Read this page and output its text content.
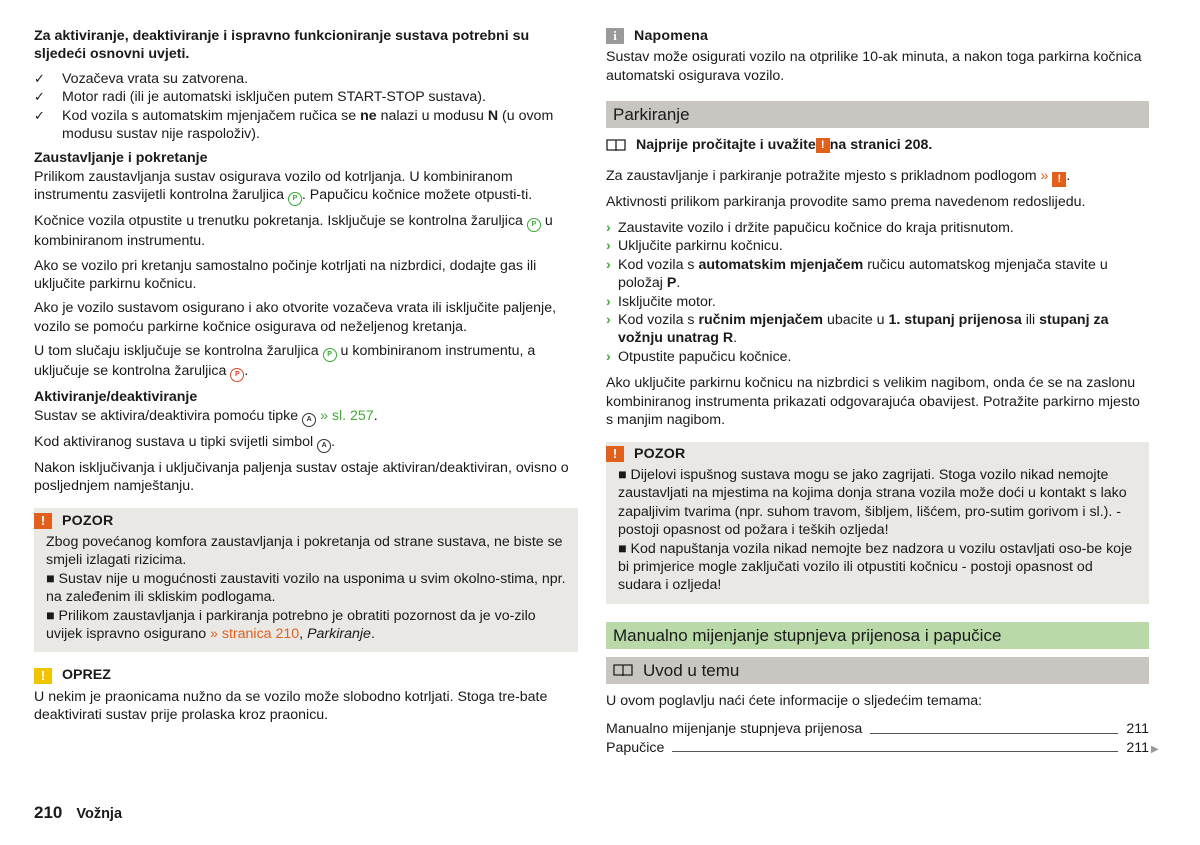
Za aktiviranje, deaktiviranje i ispravno funkcioniranje sustava potrebni su sljedeći osnovni uvjeti.

✓ Vozačeva vrata su zatvorena.
✓ Motor radi (ili je automatski isključen putem START-STOP sustava).
✓ Kod vozila s automatskim mjenjačem ručica se ne nalazi u modusu N (u ovom modusu sustav nije raspoloživ).
Zaustavljanje i pokretanje

Prilikom zaustavljanja sustav osigurava vozilo od kotrljanja. U kombiniranom instrumentu zasvijetli kontrolna žaruljica P . Papučicu kočnice možete otpusti-ti.

Kočnice vozila otpustite u trenutku pokretanja. Isključuje se kontrolna žaruljica P u kombiniranom instrumentu.

Ako se vozilo pri kretanju samostalno počinje kotrljati na nizbrdici, dodajte gas ili uključite parkirnu kočnicu.

Ako je vozilo sustavom osigurano i ako otvorite vozačeva vrata ili isključite paljenje, vozilo se pomoću parkirne kočnice osigurava od neželjenog kretanja.

U tom slučaju isključuje se kontrolna žaruljica P u kombiniranom instrumentu, a uključuje se kontrolna žaruljica P .

Aktiviranje/deaktiviranje

Sustav se aktivira/deaktivira pomoću tipke A » sl. 257.

Kod aktiviranog sustava u tipki svijetli simbol A .

Nakon isključivanja i uključivanja paljenja sustav ostaje aktiviran/deaktiviran, ovisno o posljednjem namještanju.

!	POZOR
Zbog povećanog komfora zaustavljanja i pokretanja od strane sustava, ne biste se smjeli izlagati rizicima.
■ Sustav nije u mogućnosti zaustaviti vozilo na usponima u svim okolno-stima, npr. na zaleđenim ili skliskim podlogama.
■ Prilikom zaustavljanja i parkiranja potrebno je obratiti pozornost da je vo-zilo uvijek ispravno osigurano » stranica 210, Parkiranje.
!	OPREZ
U nekim je praonicama nužno da se vozilo može slobodno kotrljati. Stoga tre-bate deaktivirati sustav prije prolaska kroz praonicu.
i	Napomena
Sustav može osigurati vozilo na otprilike 10-ak minuta, a nakon toga parkirna kočnica automatski osigurava vozilo.
Parkiranje
Najprije pročitajte i uvažite ! na stranici 208.

Za zaustavljanje i parkiranje potražite mjesto s prikladnom podlogom » ! .

Aktivnosti prilikom parkiranja provodite samo prema navedenom redoslijedu.

› Zaustavite vozilo i držite papučicu kočnice do kraja pritisnutom.
› Uključite parkirnu kočnicu.
› Kod vozila s automatskim mjenjačem ručicu automatskog mjenjača stavite u položaj P.
› Isključite motor.
› Kod vozila s ručnim mjenjačem ubacite u 1. stupanj prijenosa ili stupanj za vožnju unatrag R.
› Otpustite papučicu kočnice.

Ako uključite parkirnu kočnicu na nizbrdici s velikim nagibom, onda će se na zaslonu kombiniranog instrumenta prikazati odgovarajuća obavijest. Potražite parkirno mjesto s manjim nagibom.

!	POZOR
■ Dijelovi ispušnog sustava mogu se jako zagrijati. Stoga vozilo nikad nemojte zaustavljati na mjestima na kojima donja strana vozila može doći u kontakt s lako zapaljivim tvarima (npr. suhom travom, šibljem, lišćem, pro-sutim gorivom i sl.). - postoji opasnost od požara i teških ozljeda!
■ Kod napuštanja vozila nikad nemojte bez nadzora u vozilu ostavljati oso-be koje bi primjerice mogle zaključati vozilo ili otpustiti kočnicu - postoji opasnost od sudara i ozljeda!
Manualno mijenjanje stupnjeva prijenosa i papučice
Uvod u temu

U ovom poglavlju naći ćete informacije o sljedećim temama:

Manualno mijenjanje stupnjeva prijenosa	211
Papučice	211 ▶
210 Vožnja
